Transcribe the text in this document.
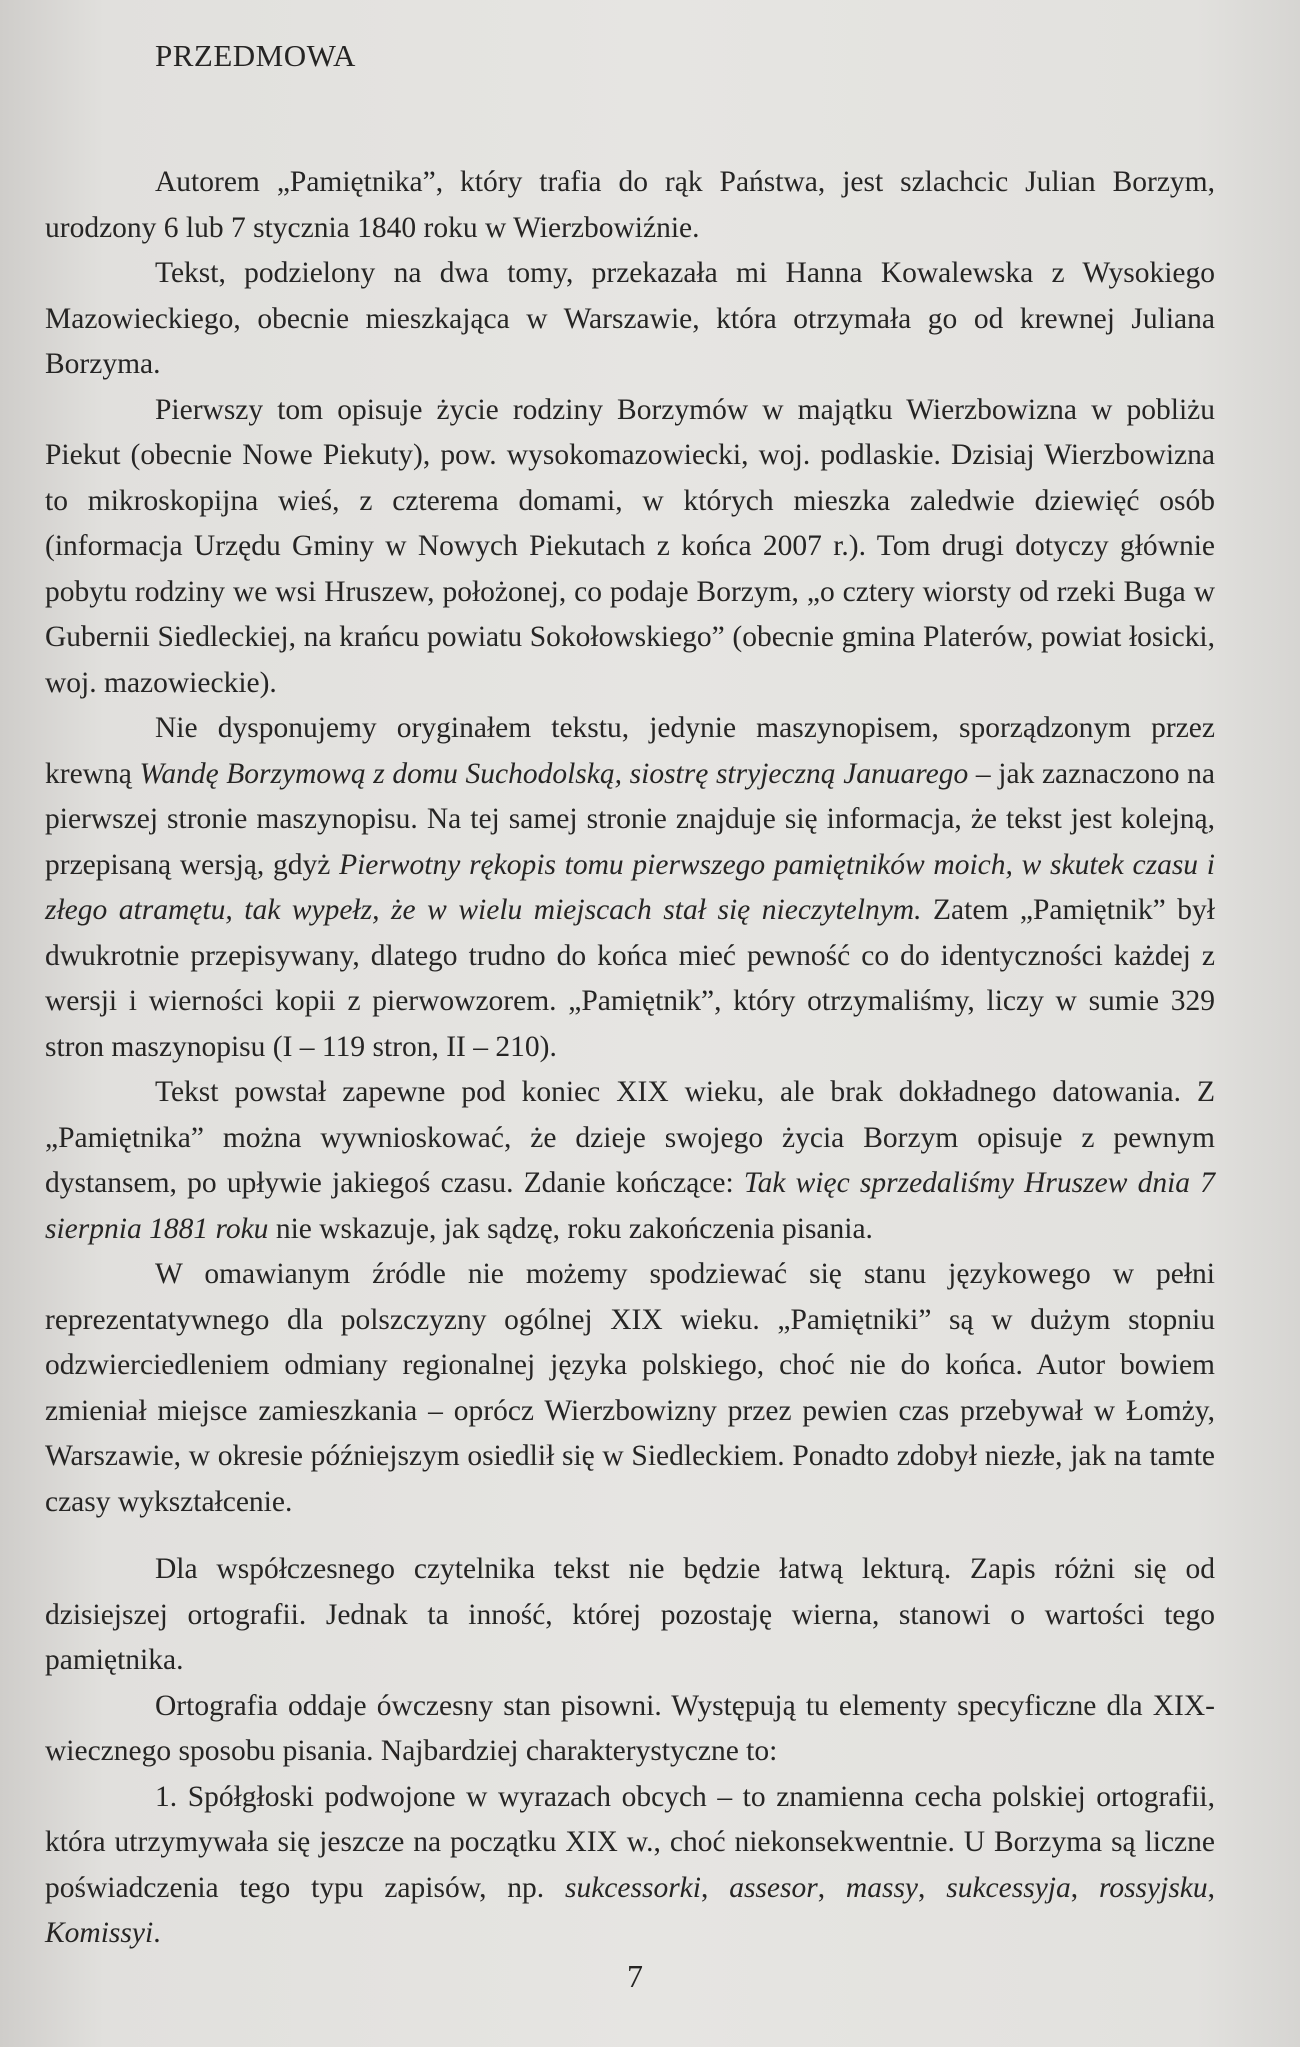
PRZEDMOWA

Autorem „Pamiętnika”, który trafia do rąk Państwa, jest szlachcic Julian Borzym, urodzony 6 lub 7 stycznia 1840 roku w Wierzbowiźnie.

Tekst, podzielony na dwa tomy, przekazała mi Hanna Kowalewska z Wysokiego Mazowieckiego, obecnie mieszkająca w Warszawie, która otrzymała go od krewnej Juliana Borzyma.

Pierwszy tom opisuje życie rodziny Borzymów w majątku Wierzbowizna w pobliżu Piekut (obecnie Nowe Piekuty), pow. wysokomazowiecki, woj. podlaskie. Dzisiaj Wierzbowizna to mikroskopijna wieś, z czterema domami, w których mieszka zaledwie dziewięć osób (informacja Urzędu Gminy w Nowych Piekutach z końca 2007 r.). Tom drugi dotyczy głównie pobytu rodziny we wsi Hruszew, położonej, co podaje Borzym, „o cztery wiorsty od rzeki Buga w Gubernii Siedleckiej, na krańcu powiatu Sokołowskiego” (obecnie gmina Platerów, powiat łosicki, woj. mazowieckie).

Nie dysponujemy oryginałem tekstu, jedynie maszynopisem, sporządzonym przez krewną Wandę Borzymową z domu Suchodolską, siostrę stryjeczną Januarego – jak zaznaczono na pierwszej stronie maszynopisu. Na tej samej stronie znajduje się informacja, że tekst jest kolejną, przepisaną wersją, gdyż Pierwotny rękopis tomu pierwszego pamiętników moich, w skutek czasu i złego atramętu, tak wypełz, że w wielu miejscach stał się nieczytelnym. Zatem „Pamiętnik” był dwukrotnie przepisywany, dlatego trudno do końca mieć pewność co do identyczności każdej z wersji i wierności kopii z pierwowzorem. „Pamiętnik”, który otrzymaliśmy, liczy w sumie 329 stron maszynopisu (I – 119 stron, II – 210).

Tekst powstał zapewne pod koniec XIX wieku, ale brak dokładnego datowania. Z „Pamiętnika” można wywnioskować, że dzieje swojego życia Borzym opisuje z pewnym dystansem, po upływie jakiegoś czasu. Zdanie kończące: Tak więc sprzedaliśmy Hruszew dnia 7 sierpnia 1881 roku nie wskazuje, jak sądzę, roku zakończenia pisania.

W omawianym źródle nie możemy spodziewać się stanu językowego w pełni reprezentatywnego dla polszczyzny ogólnej XIX wieku. „Pamiętniki” są w dużym stopniu odzwierciedleniem odmiany regionalnej języka polskiego, choć nie do końca. Autor bowiem zmieniał miejsce zamieszkania – oprócz Wierzbowizny przez pewien czas przebywał w Łomży, Warszawie, w okresie późniejszym osiedlił się w Siedleckiem. Ponadto zdobył niezłe, jak na tamte czasy wykształcenie.

Dla współczesnego czytelnika tekst nie będzie łatwą lekturą. Zapis różni się od dzisiejszej ortografii. Jednak ta inność, której pozostaję wierna, stanowi o wartości tego pamiętnika.

Ortografia oddaje ówczesny stan pisowni. Występują tu elementy specyficzne dla XIX-wiecznego sposobu pisania. Najbardziej charakterystyczne to:

1. Spółgłoski podwojone w wyrazach obcych – to znamienna cecha polskiej ortografii, która utrzymywała się jeszcze na początku XIX w., choć niekonsekwentnie. U Borzyma są liczne poświadczenia tego typu zapisów, np. sukcessorki, assesor, massy, sukcessyja, rossyjsku, Komissyi.

7
